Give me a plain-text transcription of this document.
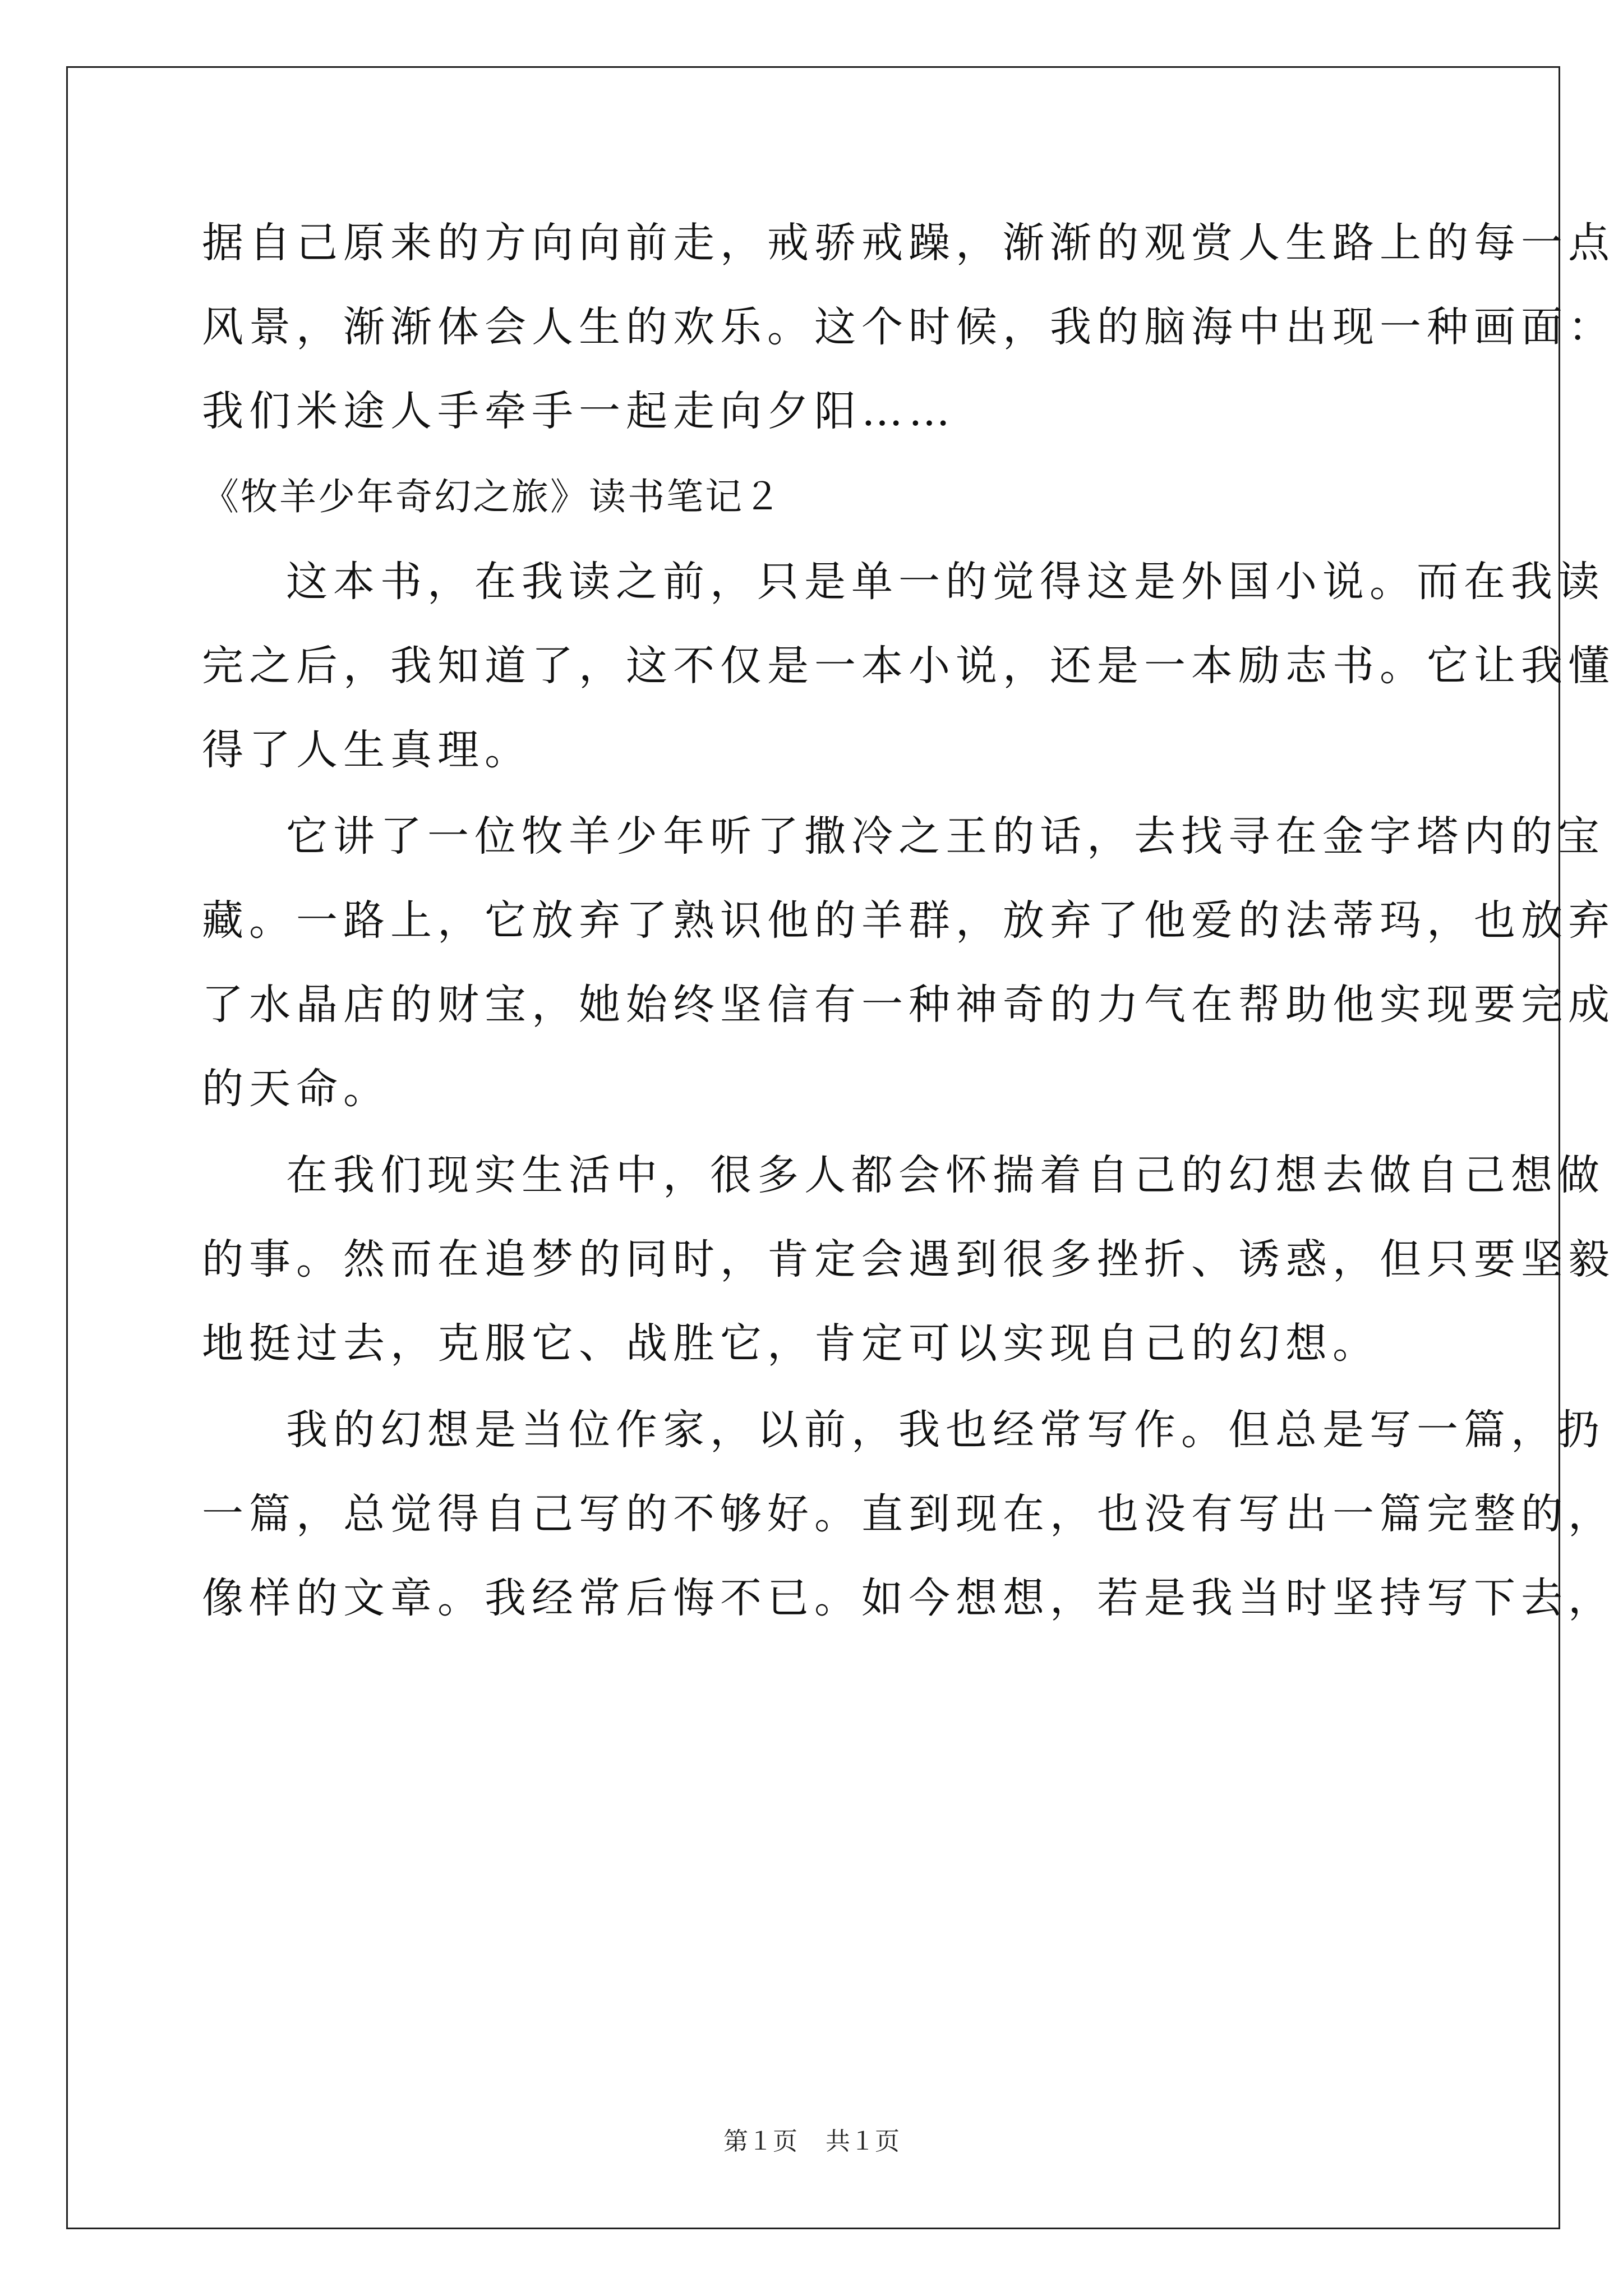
据自己原来的方向向前走，戒骄戒躁，渐渐的观赏人生路上的每一点
风景，渐渐体会人生的欢乐。这个时候，我的脑海中出现一种画面：
我们米途人手牵手一起走向夕阳……
《牧羊少年奇幻之旅》读书笔记２
这本书，在我读之前，只是单一的觉得这是外国小说。而在我读
完之后，我知道了，这不仅是一本小说，还是一本励志书。它让我懂
得了人生真理。
它讲了一位牧羊少年听了撒冷之王的话，去找寻在金字塔内的宝
藏。一路上，它放弃了熟识他的羊群，放弃了他爱的法蒂玛，也放弃
了水晶店的财宝，她始终坚信有一种神奇的力气在帮助他实现要完成
的天命。
在我们现实生活中，很多人都会怀揣着自己的幻想去做自己想做
的事。然而在追梦的同时，肯定会遇到很多挫折、诱惑，但只要坚毅
地挺过去，克服它、战胜它，肯定可以实现自己的幻想。
我的幻想是当位作家，以前，我也经常写作。但总是写一篇，扔
一篇，总觉得自己写的不够好。直到现在，也没有写出一篇完整的，
像样的文章。我经常后悔不已。如今想想，若是我当时坚持写下去，
第１页 共１页
